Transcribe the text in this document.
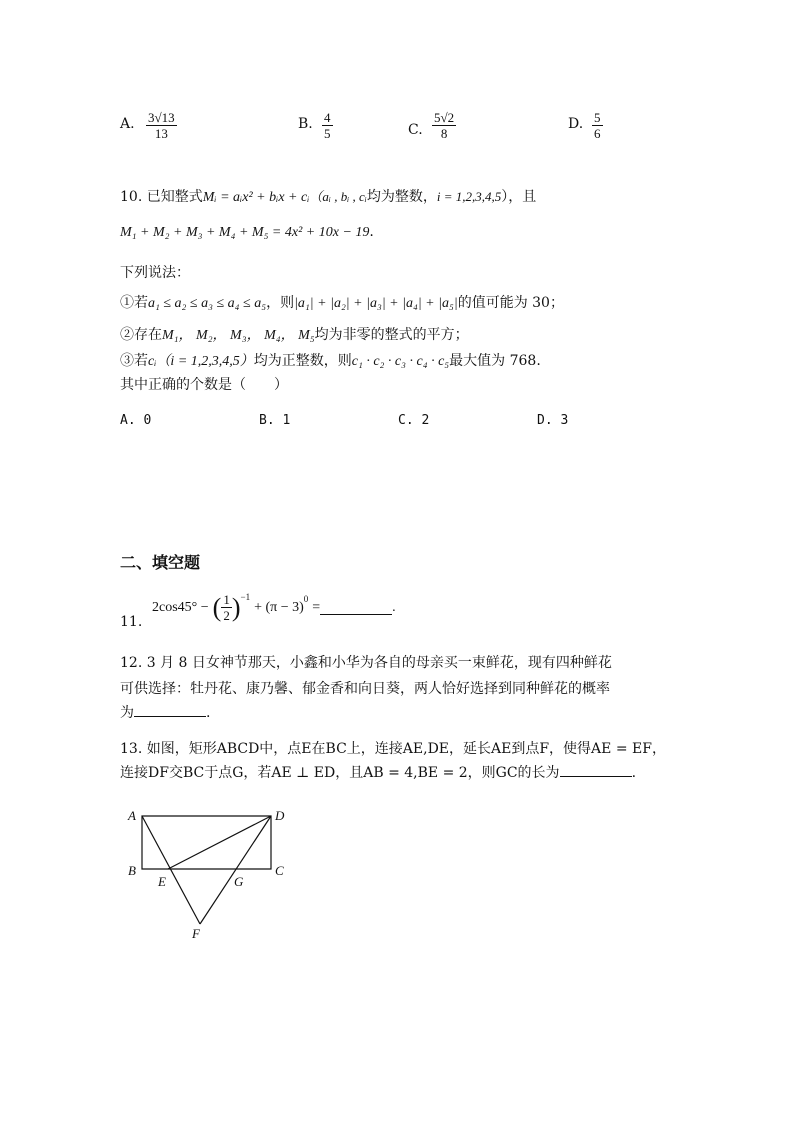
A. $\frac{3√13}{13}$	B. $\frac{4}{5}$	C. $\frac{5√2}{8}$	D. $\frac{5}{6}$
10. 已知整式Mᵢ = aᵢx² + bᵢx + cᵢ（aᵢ , bᵢ , cᵢ均为整数，i = 1,2,3,4,5），且
M₁ + M₂ + M₃ + M₄ + M₅ = 4x² + 10x − 19.
下列说法：
①若a₁ ≤ a₂ ≤ a₃ ≤ a₄ ≤ a₅，则|a₁| + |a₂| + |a₃| + |a₄| + |a₅|的值可能为 30；
②存在M₁， M₂， M₃， M₄， M₅均为非零的整式的平方；
③若cᵢ（i = 1,2,3,4,5）均为正整数，则c₁ · c₂ · c₃ · c₄ · c₅最大值为 768.
其中正确的个数是（　　）
A. 0	B. 1	C. 2	D. 3
二、填空题
11.
2cos45° − ( $\frac{1}{2} )^{-1}$
+ (π − 3)
$^0$
=	.
12. 3 月 8 日女神节那天，小鑫和小华为各自的母亲买一束鲜花，现有四种鲜花
可供选择：牡丹花、康乃馨、郁金香和向日葵，两人恰好选择到同种鲜花的概率
为	.
13. 如图，矩形ABCD中，点E在BC上，连接AE,DE，延长AE到点F，使得AE = EF，
连接DF交BC于点G，若AE ⊥ ED，且AB = 4,BE = 2，则GC的长为	.
A	D
B	C
E	G
F
